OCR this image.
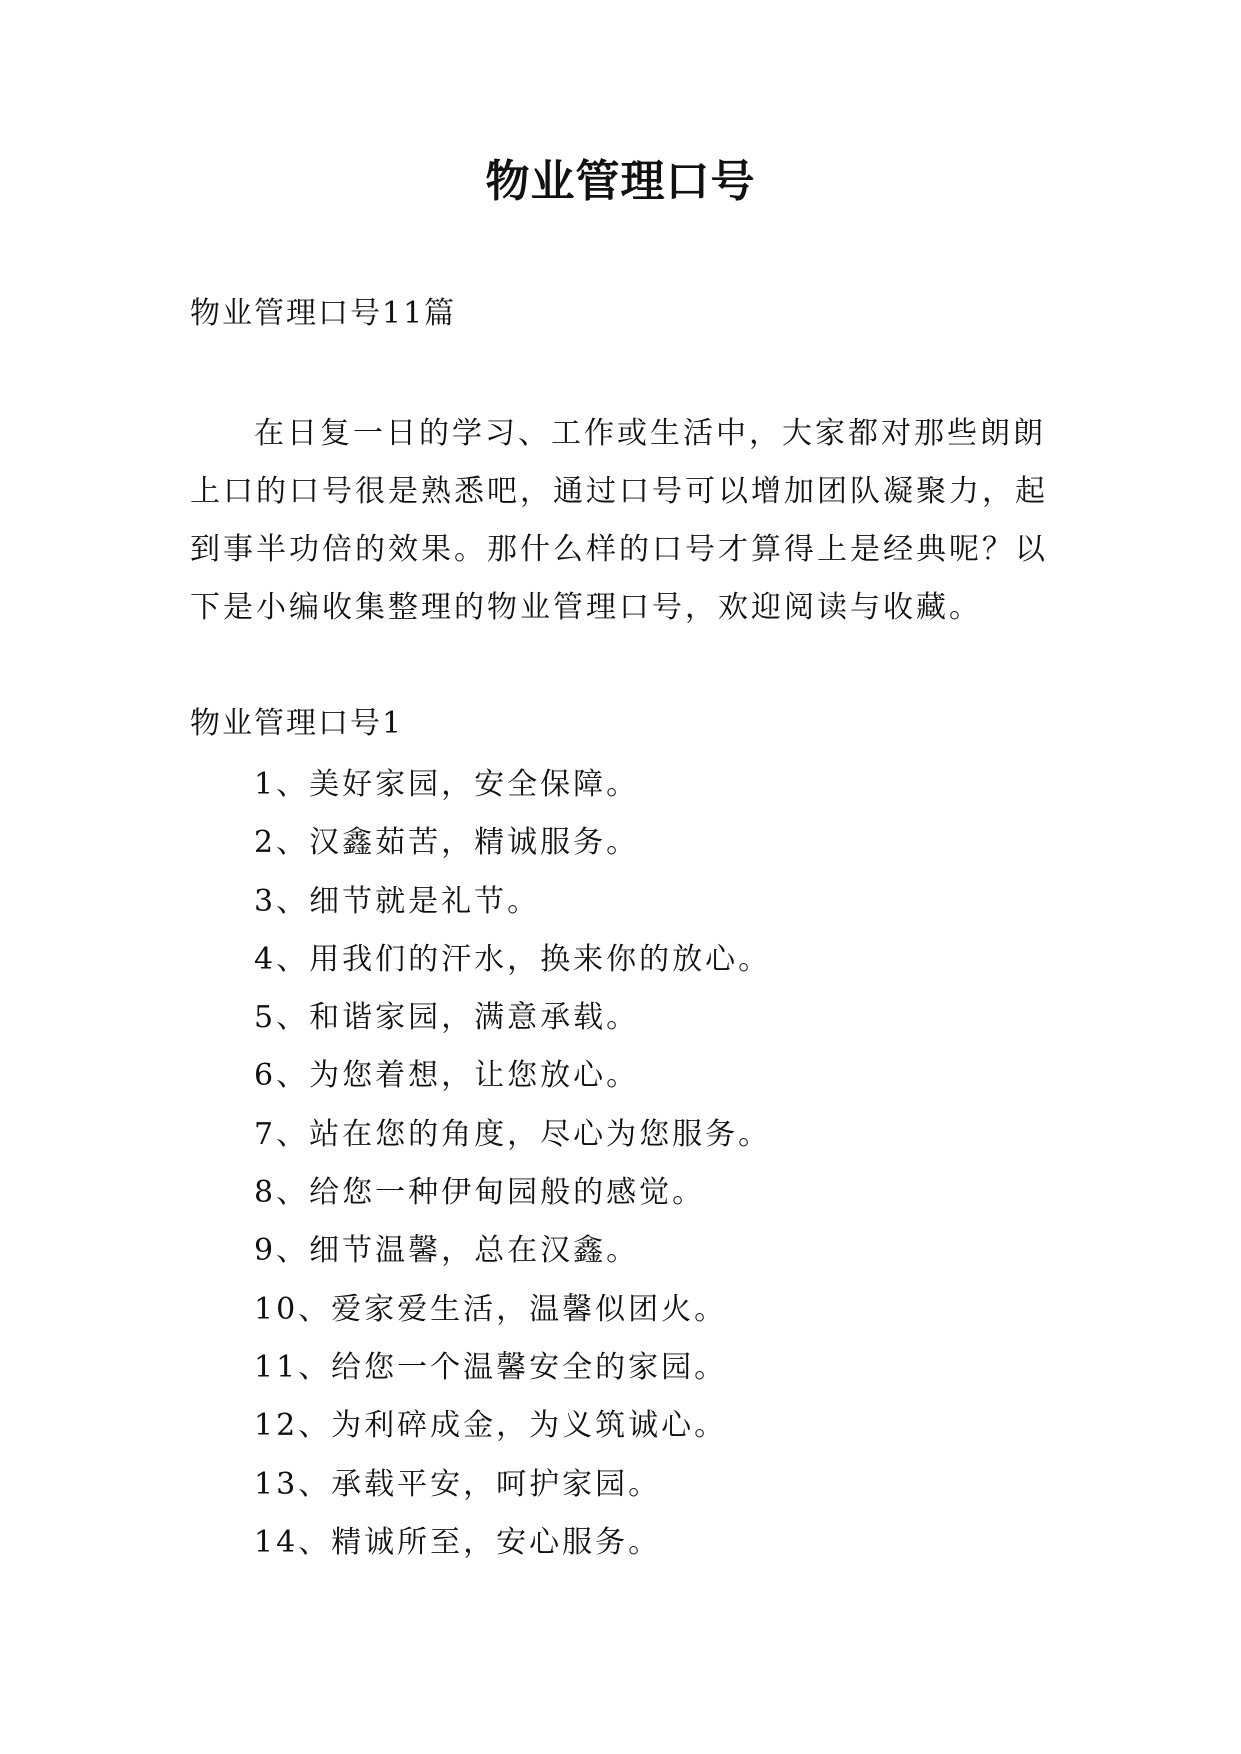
物业管理口号
物业管理口号11篇

在日复一日的学习、工作或生活中，大家都对那些朗朗上口的口号很是熟悉吧，通过口号可以增加团队凝聚力，起到事半功倍的效果。那什么样的口号才算得上是经典呢？以下是小编收集整理的物业管理口号，欢迎阅读与收藏。

物业管理口号1
1、美好家园，安全保障。
2、汉鑫茹苦，精诚服务。
3、细节就是礼节。
4、用我们的汗水，换来你的放心。
5、和谐家园，满意承载。
6、为您着想，让您放心。
7、站在您的角度，尽心为您服务。
8、给您一种伊甸园般的感觉。
9、细节温馨，总在汉鑫。
10、爱家爱生活，温馨似团火。
11、给您一个温馨安全的家园。
12、为利碎成金，为义筑诚心。
13、承载平安，呵护家园。
14、精诚所至，安心服务。
